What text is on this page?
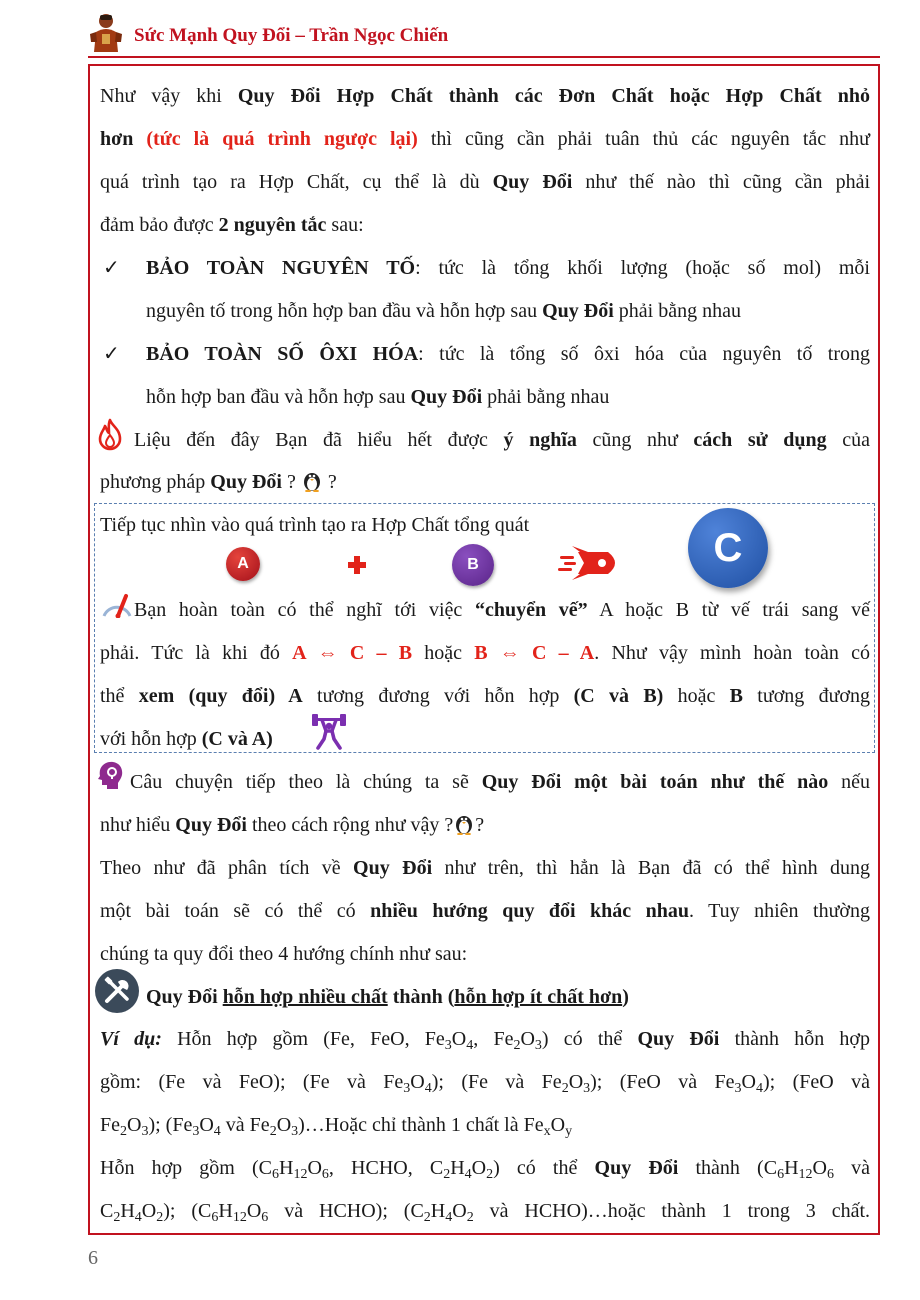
Sức Mạnh Quy Đổi – Trần Ngọc Chiến
Như vậy khi Quy Đổi Hợp Chất thành các Đơn Chất hoặc Hợp Chất nhỏ
hơn (tức là quá trình ngược lại) thì cũng cần phải tuân thủ các nguyên tắc như
quá trình tạo ra Hợp Chất, cụ thể là dù Quy Đổi như thế nào thì cũng cần phải
đảm bảo được 2 nguyên tắc sau:
✓ BẢO TOÀN NGUYÊN TỐ: tức là tổng khối lượng (hoặc số mol) mỗi
nguyên tố trong hỗn hợp ban đầu và hỗn hợp sau Quy Đổi phải bằng nhau
✓ BẢO TOÀN SỐ ÔXI HÓA: tức là tổng số ôxi hóa của nguyên tố trong
hỗn hợp ban đầu và hỗn hợp sau Quy Đổi phải bằng nhau
Liệu đến đây Bạn đã hiểu hết được ý nghĩa cũng như cách sử dụng của
phương pháp Quy Đổi ?  ?
Tiếp tục nhìn vào quá trình tạo ra Hợp Chất tổng quát
A	B	C
Bạn hoàn toàn có thể nghĩ tới việc “chuyển vế” A hoặc B từ vế trái sang vế
phải. Tức là khi đó A ⇔ C – B hoặc B ⇔ C – A. Như vậy mình hoàn toàn có
thể xem (quy đổi) A tương đương với hỗn hợp (C và B) hoặc B tương đương
với hỗn hợp (C và A)
Câu chuyện tiếp theo là chúng ta sẽ Quy Đổi một bài toán như thế nào nếu
như hiểu Quy Đổi theo cách rộng như vậy ? ?
Theo như đã phân tích về Quy Đổi như trên, thì hẳn là Bạn đã có thể hình dung
một bài toán sẽ có thể có nhiều hướng quy đổi khác nhau. Tuy nhiên thường
chúng ta quy đổi theo 4 hướng chính như sau:
Quy Đổi hỗn hợp nhiều chất thành (hỗn hợp ít chất hơn)
Ví dụ: Hỗn hợp gồm (Fe, FeO, $Fe_3O_4$, $Fe_2O_3$) có thể Quy Đổi thành hỗn hợp
gồm: (Fe và FeO); (Fe và $Fe_3O_4$); (Fe và $Fe_2O_3$); (FeO và $Fe_3O_4$); (FeO và
$Fe_2O_3$); ($Fe_3O_4$ và $Fe_2O_3)\dots Hoặc$ chỉ thành 1 chất là $Fe_xO_y$
Hỗn hợp gồm ($C_6H_{12}O_6$, HCHO, $C_2H_4O_2$) có thể Quy Đổi thành ($C_6H_{12}O_6$ và
$C_2H_4O_2$); ($C_6H_{12}O_6$ và HCHO); ($C_2H_4O_2$ và HCHO)…hoặc thành 1 trong 3 chất.
6
